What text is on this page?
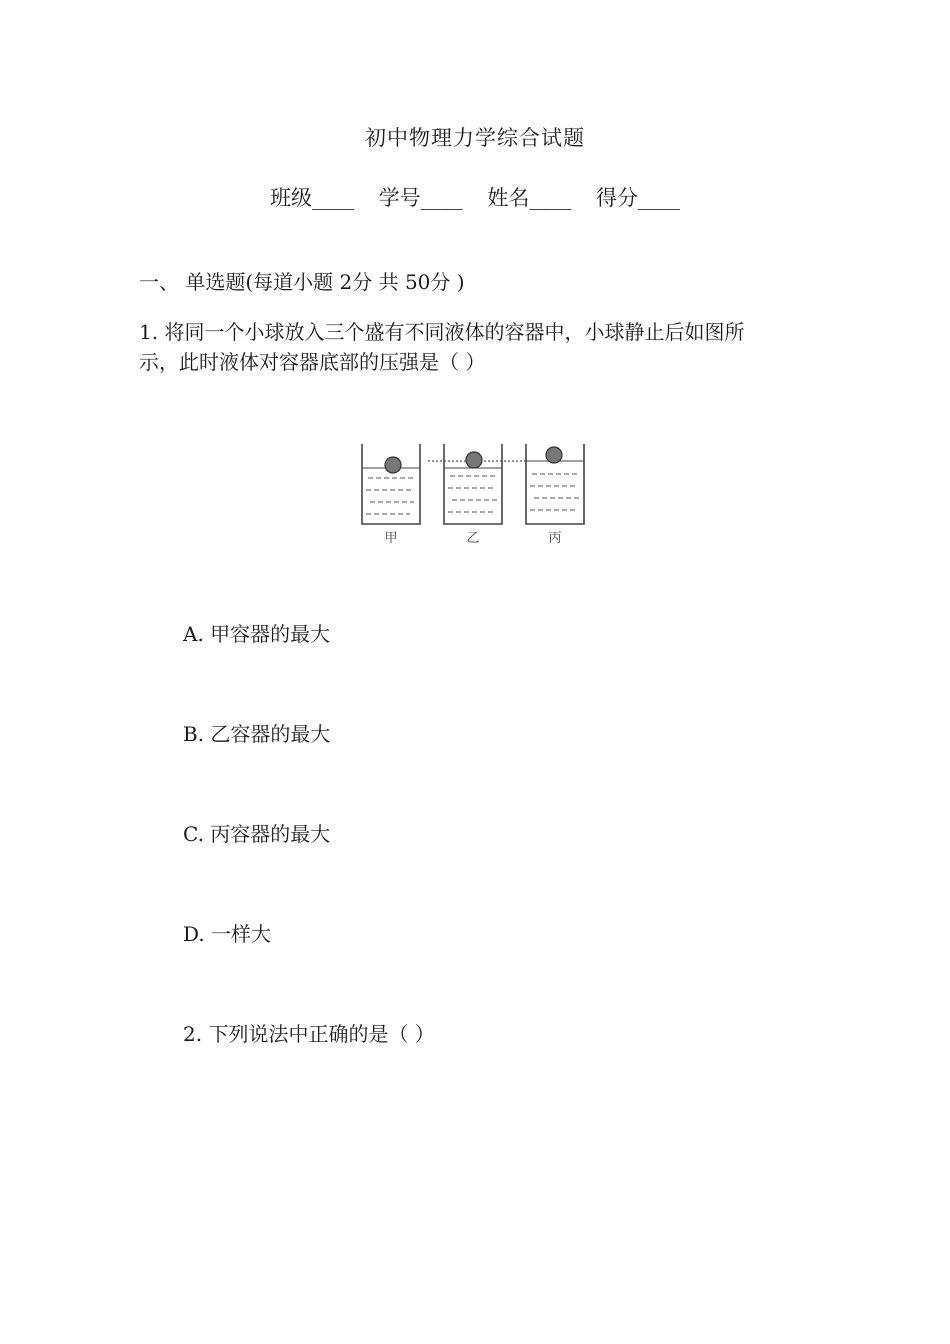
初中物理力学综合试题
班级____ 学号____ 姓名____ 得分____
一、 单选题(每道小题 2分 共 50分 )
1. 将同一个小球放入三个盛有不同液体的容器中，小球静止后如图所
示，此时液体对容器底部的压强是（ ）
甲	乙	丙
A. 甲容器的最大
B. 乙容器的最大
C. 丙容器的最大
D. 一样大
2. 下列说法中正确的是（ ）
